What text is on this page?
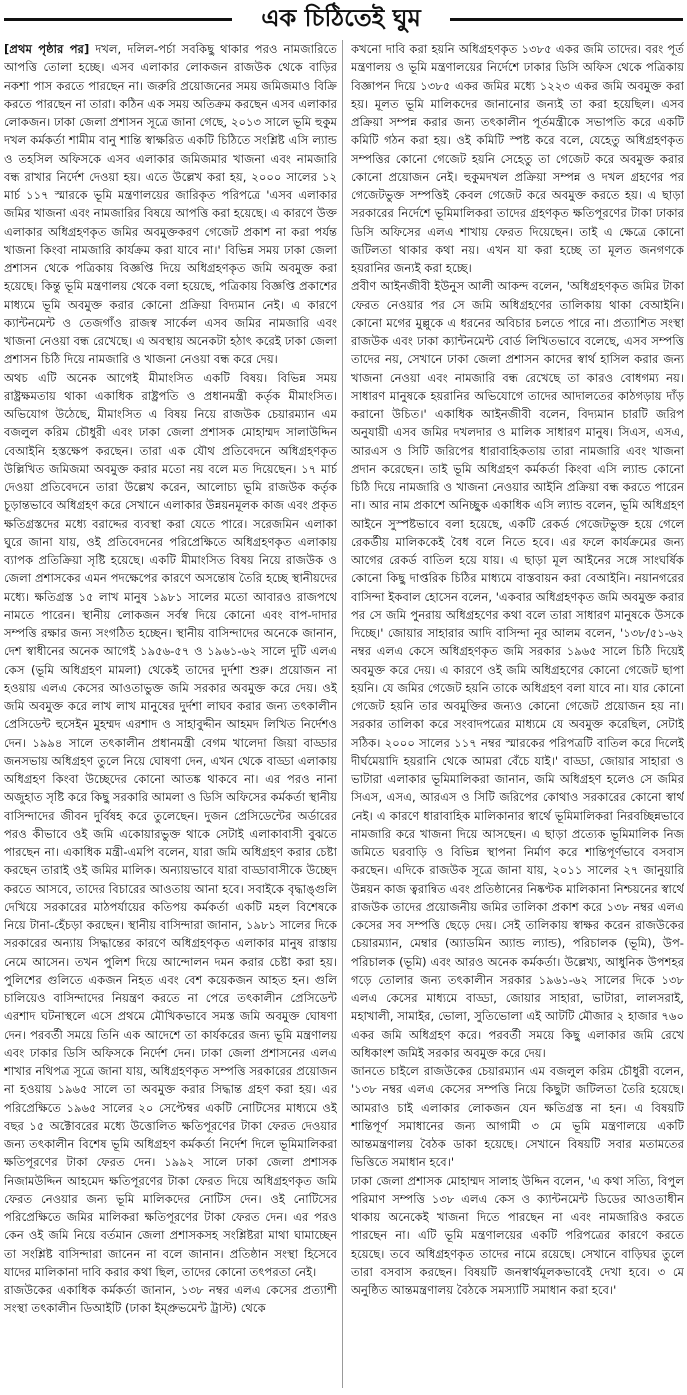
এক চিঠিতেই ঘুম

[প্রথম পৃষ্ঠার পর] দখল, দলিল-পর্চা সবকিছু থাকার পরও নামজারিতে আপত্তি তোলা হচ্ছে। এসব এলাকার লোকজন রাজউক থেকে বাড়ির নকশা পাস করতে পারছেন না। জরুরি প্রয়োজনের সময় জমিজমাও বিক্রি করতে পারছেন না তারা। কঠিন এক সময় অতিক্রম করছেন এসব এলাকার লোকজন। ঢাকা জেলা প্রশাসন সূত্রে জানা গেছে, ২০১৩ সালে ভূমি হুকুম দখল কর্মকর্তা শামীম বানু শান্তি স্বাক্ষরিত একটি চিঠিতে সংশ্লিষ্ট এসি ল্যান্ড ও তহসিল অফিসকে এসব এলাকার জমিজমার খাজনা এবং নামজারি বন্ধ রাখার নির্দেশ দেওয়া হয়। এতে উল্লেখ করা হয়, ২০০০ সালের ১২ মার্চ ১১৭ স্মারকে ভূমি মন্ত্রণালয়ের জারিকৃত পরিপত্রে 'এসব এলাকার জমির খাজনা এবং নামজারির বিষয়ে আপত্তি করা হয়েছে। এ কারণে উক্ত এলাকার অধিগ্রহণকৃত জমির অবমুক্তকরণ গেজেট প্রকাশ না করা পর্যন্ত খাজনা কিংবা নামজারি কার্যক্রম করা যাবে না।' বিভিন্ন সময় ঢাকা জেলা প্রশাসন থেকে পত্রিকায় বিজ্ঞপ্তি দিয়ে অধিগ্রহণকৃত জমি অবমুক্ত করা হয়েছে। কিন্তু ভূমি মন্ত্রণালয় থেকে বলা হয়েছে, পত্রিকায় বিজ্ঞপ্তি প্রকাশের মাধ্যমে ভূমি অবমুক্ত করার কোনো প্রক্রিয়া বিদ্যমান নেই। এ কারণে ক্যান্টনমেন্ট ও তেজগাঁও রাজস্ব সার্কেল এসব জমির নামজারি এবং খাজনা নেওয়া বন্ধ রেখেছে। এ অবস্থায় অনেকটা হঠাৎ করেই ঢাকা জেলা প্রশাসন চিঠি দিয়ে নামজারি ও খাজনা নেওয়া বন্ধ করে দেয়।

অথচ এটি অনেক আগেই মীমাংসিত একটি বিষয়। বিভিন্ন সময় রাষ্ট্রক্ষমতায় থাকা একাধিক রাষ্ট্রপতি ও প্রধানমন্ত্রী কর্তৃক মীমাংসিত। অভিযোগ উঠেছে, মীমাংসিত এ বিষয় নিয়ে রাজউক চেয়ারম্যান এম বজলুল করিম চৌধুরী এবং ঢাকা জেলা প্রশাসক মোহাম্মদ সালাউদ্দিন বেআইনি হস্তক্ষেপ করছেন। তারা এক যৌথ প্রতিবেদনে অধিগ্রহণকৃত উল্লিখিত জমিজমা অবমুক্ত করার মতো নয় বলে মত দিয়েছেন। ১৭ মার্চ দেওয়া প্রতিবেদনে তারা উল্লেখ করেন, আলোচ্য ভূমি রাজউক কর্তৃক চূড়ান্তভাবে অধিগ্রহণ করে সেখানে এলাকার উন্নয়নমূলক কাজ এবং প্রকৃত ক্ষতিগ্রস্তদের মধ্যে বরাদ্দের ব্যবস্থা করা যেতে পারে। সরেজমিন এলাকা ঘুরে জানা যায়, ওই প্রতিবেদনের পরিপ্রেক্ষিতে অধিগ্রহণকৃত এলাকায় ব্যাপক প্রতিক্রিয়া সৃষ্টি হয়েছে। একটি মীমাংসিত বিষয় নিয়ে রাজউক ও জেলা প্রশাসকের এমন পদক্ষেপের কারণে অসন্তোষ তৈরি হচ্ছে স্থানীয়দের মধ্যে। ক্ষতিগ্রস্ত ১৫ লাখ মানুষ ১৯৮১ সালের মতো আবারও রাজপথে নামতে পারেন। স্থানীয় লোকজন সর্বস্ব দিয়ে কোনো এবং বাপ-দাদার সম্পত্তি রক্ষার জন্য সংগঠিত হচ্ছেন। স্থানীয় বাসিন্দাদের অনেকে জানান, দেশ স্বাধীনের অনেক আগেই ১৯৫৬-৫৭ ও ১৯৬১-৬২ সালে দুটি এলএ কেস (ভূমি অধিগ্রহণ মামলা) থেকেই তাদের দুর্দশা শুরু। প্রয়োজন না হওয়ায় এলএ কেসের আওতাভুক্ত জমি সরকার অবমুক্ত করে দেয়। ওই জমি অবমুক্ত করে লাখ লাখ মানুষের দুর্দশা লাঘব করার জন্য তৎকালীন প্রেসিডেন্ট হুসেইন মুহম্মদ এরশাদ ও সাহাবুদ্দীন আহমদ লিখিত নির্দেশও দেন। ১৯৯৪ সালে তৎকালীন প্রধানমন্ত্রী বেগম খালেদা জিয়া বাড্ডার জনসভায় অধিগ্রহণ তুলে নিয়ে ঘোষণা দেন, এখন থেকে বাড্ডা এলাকায় অধিগ্রহণ কিংবা উচ্ছেদের কোনো আতঙ্ক থাকবে না। এর পরও নানা অজুহাত সৃষ্টি করে কিছু সরকারি আমলা ও ডিসি অফিসের কর্মকর্তা স্থানীয় বাসিন্দাদের জীবন দুর্বিষহ করে তুলেছেন। দুজন প্রেসিডেন্টের অর্ডারের পরও কীভাবে ওই জমি একোয়ারভুক্ত থাকে সেটাই এলাকাবাসী বুঝতে পারছেন না। একাধিক মন্ত্রী-এমপি বলেন, যারা জমি অধিগ্রহণ করার চেষ্টা করছেন তারাই ওই জমির মালিক। অন্যায়ভাবে যারা বাড্ডাবাসীকে উচ্ছেদ করতে আসবে, তাদের বিচারের আওতায় আনা হবে। সবাইকে বৃদ্ধাঙ্গুলি দেখিয়ে সরকারের মাঠপর্যায়ের কতিপয় কর্মকর্তা একটি মহল বিশেষকে নিয়ে টানা-হেঁচড়া করছেন। স্থানীয় বাসিন্দারা জানান, ১৯৮১ সালের দিকে সরকারের অন্যায় সিদ্ধান্তের কারণে অধিগ্রহণকৃত এলাকার মানুষ রাস্তায় নেমে আসেন। তখন পুলিশ দিয়ে আন্দোলন দমন করার চেষ্টা করা হয়। পুলিশের গুলিতে একজন নিহত এবং বেশ কয়েকজন আহত হন। গুলি চালিয়েও বাসিন্দাদের নিয়ন্ত্রণ করতে না পেরে তৎকালীন প্রেসিডেন্ট এরশাদ ঘটনাস্থলে এসে প্রথমে মৌখিকভাবে সমস্ত জমি অবমুক্ত ঘোষণা দেন। পরবর্তী সময়ে তিনি এক আদেশে তা কার্যকরের জন্য ভূমি মন্ত্রণালয় এবং ঢাকার ডিসি অফিসকে নির্দেশ দেন। ঢাকা জেলা প্রশাসনের এলএ শাখার নথিপত্র সূত্রে জানা যায়, অধিগ্রহণকৃত সম্পত্তি সরকারের প্রয়োজন না হওয়ায় ১৯৬৫ সালে তা অবমুক্ত করার সিদ্ধান্ত গ্রহণ করা হয়। এর পরিপ্রেক্ষিতে ১৯৬৫ সালের ২০ সেপ্টেম্বর একটি নোটিসের মাধ্যমে ওই বছর ১৫ অক্টোবরের মধ্যে উত্তোলিত ক্ষতিপূরণের টাকা ফেরত দেওয়ার জন্য তৎকালীন বিশেষ ভূমি অধিগ্রহণ কর্মকর্তা নির্দেশ দিলে ভূমিমালিকরা ক্ষতিপূরণের টাকা ফেরত দেন। ১৯৯২ সালে ঢাকা জেলা প্রশাসক নিজামউদ্দিন আহমেদ ক্ষতিপূরণের টাকা ফেরত দিয়ে অধিগ্রহণকৃত জমি ফেরত নেওয়ার জন্য ভূমি মালিকদের নোটিস দেন। ওই নোটিসের পরিপ্রেক্ষিতে জমির মালিকরা ক্ষতিপূরণের টাকা ফেরত দেন। এর পরও কেন ওই জমি নিয়ে বর্তমান জেলা প্রশাসকসহ সংশ্লিষ্টরা মাথা ঘামাচ্ছেন তা সংশ্লিষ্ট বাসিন্দারা জানেন না বলে জানান। প্রতিষ্ঠান সংস্থা হিসেবে যাদের মালিকানা দাবি করার কথা ছিল, তাদের কোনো তৎপরতা নেই।

রাজউকের একাধিক কর্মকর্তা জানান, ১৩৮ নম্বর এলএ কেসের প্রত্যাশী সংস্থা তৎকালীন ডিআইটি (ঢাকা ইম্প্রুভমেন্ট ট্রাস্ট) থেকে

কখনো দাবি করা হয়নি অধিগ্রহণকৃত ১৩৮৫ একর জমি তাদের। বরং পূর্ত মন্ত্রণালয় ও ভূমি মন্ত্রণালয়ের নির্দেশে ঢাকার ডিসি অফিস থেকে পত্রিকায় বিজ্ঞাপন দিয়ে ১৩৮৫ একর জমির মধ্যে ১২২৩ একর জমি অবমুক্ত করা হয়। মূলত ভূমি মালিকদের জানানোর জন্যই তা করা হয়েছিল। এসব প্রক্রিয়া সম্পন্ন করার জন্য তৎকালীন পূর্তমন্ত্রীকে সভাপতি করে একটি কমিটি গঠন করা হয়। ওই কমিটি স্পষ্ট করে বলে, যেহেতু অধিগ্রহণকৃত সম্পত্তির কোনো গেজেট হয়নি সেহেতু তা গেজেট করে অবমুক্ত করার কোনো প্রয়োজন নেই। হুকুমদখল প্রক্রিয়া সম্পন্ন ও দখল গ্রহণের পর গেজেটভুক্ত সম্পত্তিই কেবল গেজেট করে অবমুক্ত করতে হয়। এ ছাড়া সরকারের নির্দেশে ভূমিমালিকরা তাদের গ্রহণকৃত ক্ষতিপূরণের টাকা ঢাকার ডিসি অফিসের এলএ শাখায় ফেরত দিয়েছেন। তাই এ ক্ষেত্রে কোনো জটিলতা থাকার কথা নয়। এখন যা করা হচ্ছে তা মূলত জনগণকে হয়রানির জন্যই করা হচ্ছে।

প্রবীণ আইনজীবী ইউনুস আলী আকন্দ বলেন, 'অধিগ্রহণকৃত জমির টাকা ফেরত নেওয়ার পর সে জমি অধিগ্রহণের তালিকায় থাকা বেআইনি। কোনো মগের মুল্লুকে এ ধরনের অবিচার চলতে পারে না। প্রত্যাশিত সংস্থা রাজউক এবং ঢাকা ক্যান্টনমেন্ট বোর্ড লিখিতভাবে বলেছে, এসব সম্পত্তি তাদের নয়, সেখানে ঢাকা জেলা প্রশাসন কাদের স্বার্থ হাসিল করার জন্য খাজনা নেওয়া এবং নামজারি বন্ধ রেখেছে তা কারও বোধগম্য নয়। সাধারণ মানুষকে হয়রানির অভিযোগে তাদের আদালতের কাঠগড়ায় দাঁড় করানো উচিত।' একাধিক আইনজীবী বলেন, বিদ্যমান চারটি জরিপ অনুযায়ী এসব জমির দখলদার ও মালিক সাধারণ মানুষ। সিএস, এসএ, আরএস ও সিটি জরিপের ধারাবাহিকতায় তারা নামজারি এবং খাজনা প্রদান করেছেন। তাই ভূমি অধিগ্রহণ কর্মকর্তা কিংবা এসি ল্যান্ড কোনো চিঠি দিয়ে নামজারি ও খাজনা নেওয়ার আইনি প্রক্রিয়া বন্ধ করতে পারেন না। আর নাম প্রকাশে অনিচ্ছুক একাধিক এসি ল্যান্ড বলেন, ভূমি অধিগ্রহণ আইনে সুস্পষ্টভাবে বলা হয়েছে, একটি রেকর্ড গেজেটভুক্ত হয়ে গেলে রেকর্ডীয় মালিককেই বৈধ বলে নিতে হবে। এর ফলে কার্যক্রমের জন্য আগের রেকর্ড বাতিল হয়ে যায়। এ ছাড়া মূল আইনের সঙ্গে সাংঘর্ষিক কোনো কিছু দাপ্তরিক চিঠির মাধ্যমে বাস্তবায়ন করা বেআইনি। নয়ানগরের বাসিন্দা ইকবাল হোসেন বলেন, 'একবার অধিগ্রহণকৃত জমি অবমুক্ত করার পর সে জমি পুনরায় অধিগ্রহণের কথা বলে তারা সাধারণ মানুষকে উসকে দিচ্ছে।' জোয়ার সাহারার আদি বাসিন্দা নূর আলম বলেন, '১৩৮/৫১-৬২ নম্বর এলএ কেসে অধিগ্রহণকৃত জমি সরকার ১৯৬৫ সালে চিঠি দিয়েই অবমুক্ত করে দেয়। এ কারণে ওই জমি অধিগ্রহণের কোনো গেজেট ছাপা হয়নি। যে জমির গেজেট হয়নি তাকে অধিগ্রহণ বলা যাবে না। যার কোনো গেজেট হয়নি তার অবমুক্তির জন্যও কোনো গেজেট প্রয়োজন হয় না। সরকার তালিকা করে সংবাদপত্রের মাধ্যমে যে অবমুক্ত করেছিল, সেটাই সঠিক। ২০০০ সালের ১১৭ নম্বর স্মারকের পরিপত্রটি বাতিল করে দিলেই দীর্ঘমেয়াদি হয়রানি থেকে আমরা বেঁচে যাই।' বাড্ডা, জোয়ার সাহারা ও ভাটারা এলাকার ভূমিমালিকরা জানান, জমি অধিগ্রহণ হলেও সে জমির সিএস, এসএ, আরএস ও সিটি জরিপের কোথাও সরকারের কোনো স্বার্থ নেই। এ কারণে ধারাবাহিক মালিকানার স্বার্থে ভূমিমালিকরা নিরবচ্ছিন্নভাবে নামজারি করে খাজনা দিয়ে আসছেন। এ ছাড়া প্রত্যেক ভূমিমালিক নিজ জমিতে ঘরবাড়ি ও বিভিন্ন স্থাপনা নির্মাণ করে শান্তিপূর্ণভাবে বসবাস করছেন। এদিকে রাজউক সূত্রে জানা যায়, ২০১১ সালের ২৭ জানুয়ারি উন্নয়ন কাজ ত্বরান্বিত এবং প্রতিষ্ঠানের নিষ্কণ্টক মালিকানা নিশ্চয়নের স্বার্থে রাজউক তাদের প্রয়োজনীয় জমির তালিকা প্রকাশ করে ১৩৮ নম্বর এলএ কেসের সব সম্পত্তি ছেড়ে দেয়। সেই তালিকায় স্বাক্ষর করেন রাজউকের চেয়ারম্যান, মেম্বার (অ্যাডমিন অ্যান্ড ল্যান্ড), পরিচালক (ভূমি), উপ-পরিচালক (ভূমি) এবং আরও অনেক কর্মকর্তা। উল্লেখ্য, আধুনিক উপশহর গড়ে তোলার জন্য তৎকালীন সরকার ১৯৬১-৬২ সালের দিকে ১৩৮ এলএ কেসের মাধ্যমে বাড্ডা, জোয়ার সাহারা, ভাটারা, লালসরাই, মহাখালী, সামাইর, ভোলা, সুতিভোলা এই আটটি মৌজার ২ হাজার ৭৬০ একর জমি অধিগ্রহণ করে। পরবর্তী সময়ে কিছু এলাকার জমি রেখে অধিকাংশ জমিই সরকার অবমুক্ত করে দেয়।

জানতে চাইলে রাজউকের চেয়ারম্যান এম বজলুল করিম চৌধুরী বলেন, '১৩৮ নম্বর এলএ কেসের সম্পত্তি নিয়ে কিছুটা জটিলতা তৈরি হয়েছে। আমরাও চাই এলাকার লোকজন যেন ক্ষতিগ্রস্ত না হন। এ বিষয়টি শান্তিপূর্ণ সমাধানের জন্য আগামী ৩ মে ভূমি মন্ত্রণালয়ে একটি আন্তমন্ত্রণালয় বৈঠক ডাকা হয়েছে। সেখানে বিষয়টি সবার মতামতের ভিত্তিতে সমাধান হবে।'

ঢাকা জেলা প্রশাসক মোহাম্মদ সালাহ উদ্দিন বলেন, 'এ কথা সত্যি, বিপুল পরিমাণ সম্পত্তি ১৩৮ এলএ কেস ও ক্যান্টনমেন্ট ডিডের আওতাধীন থাকায় অনেকেই খাজনা দিতে পারছেন না এবং নামজারিও করতে পারছেন না। এটি ভূমি মন্ত্রণালয়ের একটি পরিপত্রের কারণে করতে হয়েছে। তবে অধিগ্রহণকৃত তাদের নামে রয়েছে। সেখানে বাড়িঘর তুলে তারা বসবাস করছেন। বিষয়টি জনস্বার্থমূলকভাবেই দেখা হবে। ৩ মে অনুষ্ঠিত আন্তমন্ত্রণালয় বৈঠকে সমস্যাটি সমাধান করা হবে।'
